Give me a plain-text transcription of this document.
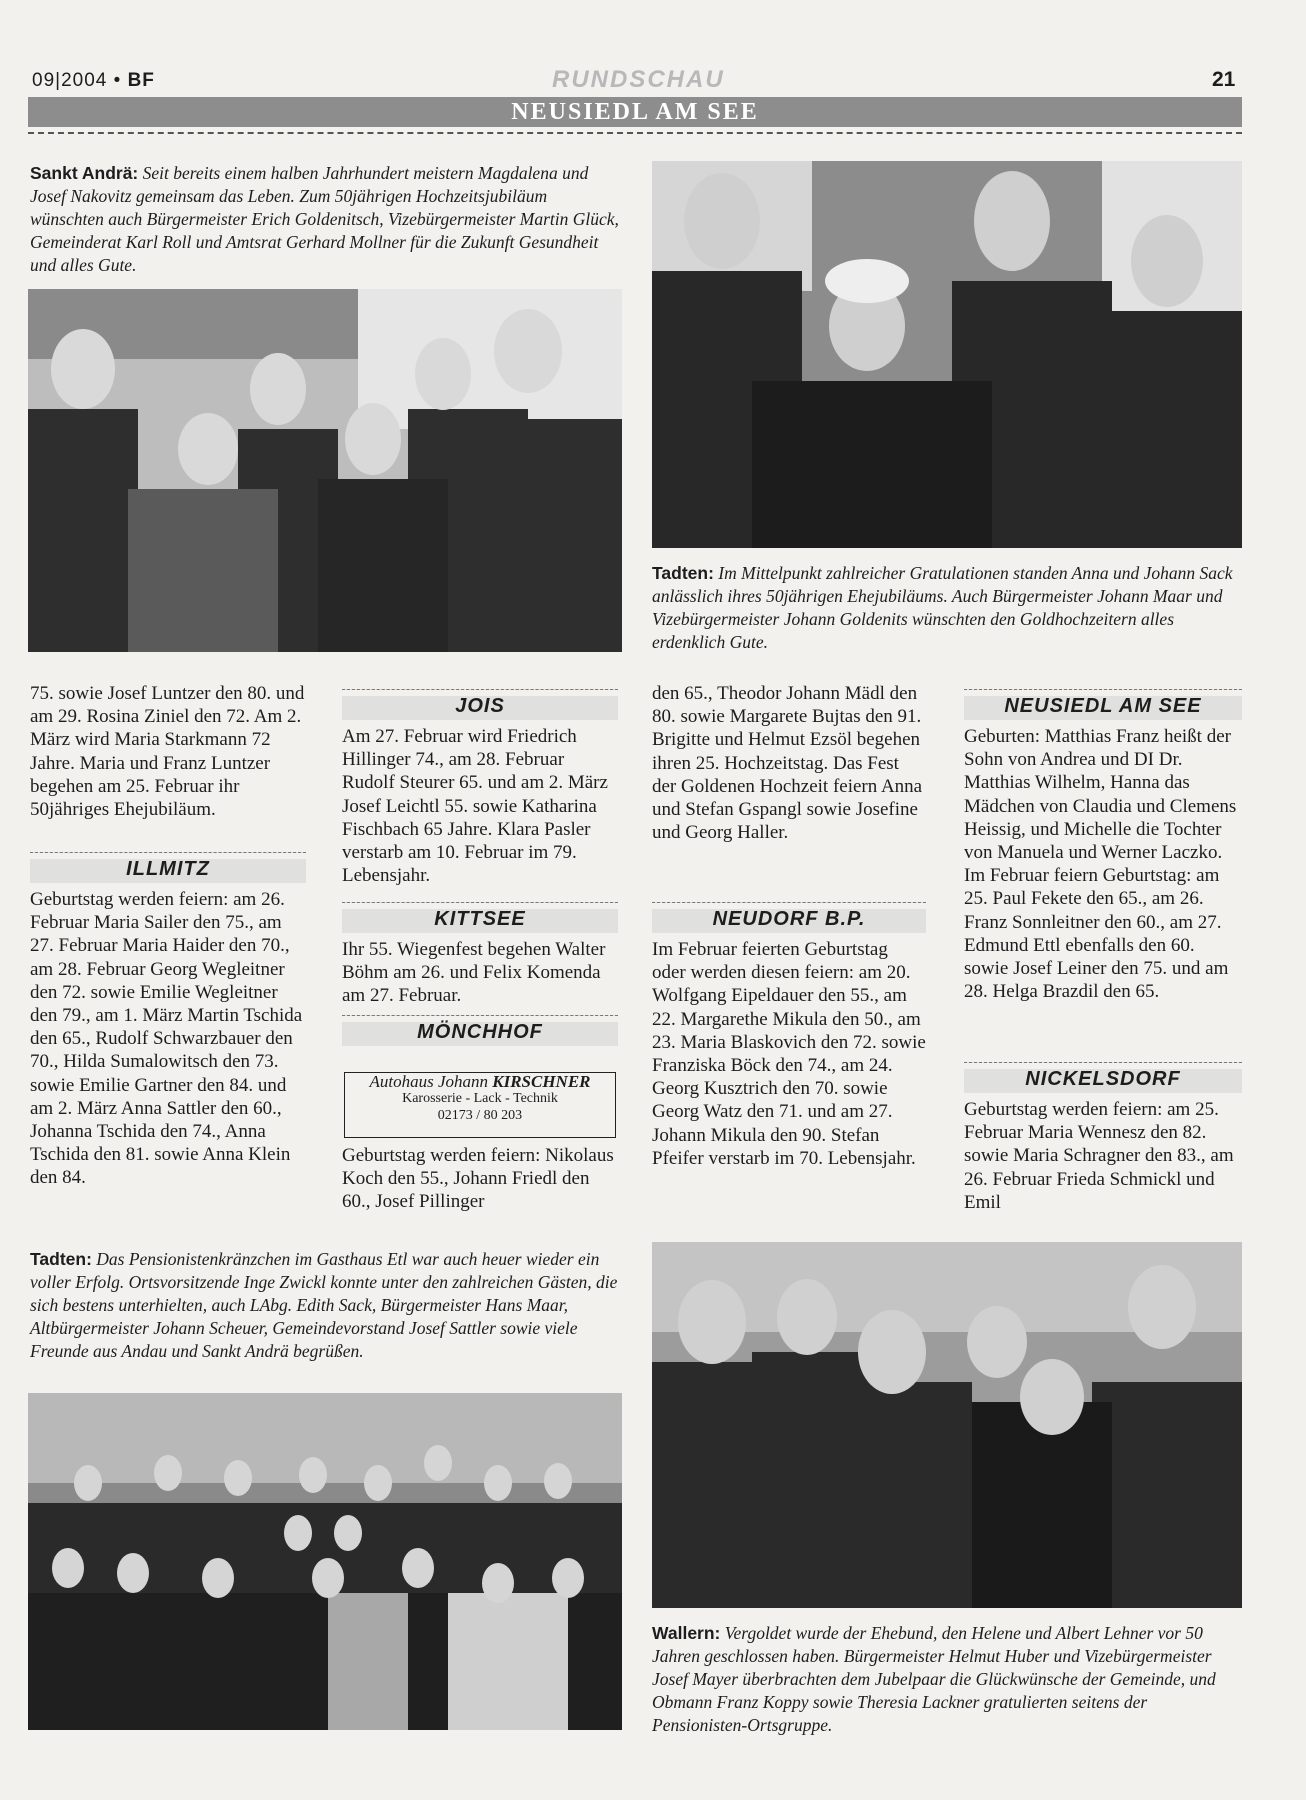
09|2004 • BF	RUNDSCHAU	21
NEUSIEDL AM SEE
Sankt Andrä: Seit bereits einem halben Jahrhundert meistern Magdalena und Josef Nakovitz gemeinsam das Leben. Zum 50jährigen Hochzeitsjubiläum wünschten auch Bürgermeister Erich Goldenitsch, Vizebürgermeister Martin Glück, Gemeinderat Karl Roll und Amtsrat Gerhard Mollner für die Zukunft Gesundheit und alles Gute.
Tadten: Im Mittelpunkt zahlreicher Gratulationen standen Anna und Johann Sack anlässlich ihres 50jährigen Ehejubiläums. Auch Bürgermeister Johann Maar und Vizebürgermeister Johann Goldenits wünschten den Goldhochzeitern alles erdenklich Gute.
75. sowie Josef Luntzer den 80. und am 29. Rosina Ziniel den 72. Am 2. März wird Maria Starkmann 72 Jahre. Maria und Franz Luntzer begehen am 25. Februar ihr 50jähriges Ehejubiläum.
ILLMITZ
Geburtstag werden feiern: am 26. Februar Maria Sailer den 75., am 27. Februar Maria Haider den 70., am 28. Februar Georg Wegleitner den 72. sowie Emilie Wegleitner den 79., am 1. März Martin Tschida den 65., Rudolf Schwarzbauer den 70., Hilda Sumalowitsch den 73. sowie Emilie Gartner den 84. und am 2. März Anna Sattler den 60., Johanna Tschida den 74., Anna Tschida den 81. sowie Anna Klein den 84.
JOIS
Am 27. Februar wird Friedrich Hillinger 74., am 28. Februar Rudolf Steurer 65. und am 2. März Josef Leichtl 55. sowie Katharina Fischbach 65 Jahre. Klara Pasler verstarb am 10. Februar im 79. Lebensjahr.
KITTSEE
Ihr 55. Wiegenfest begehen Walter Böhm am 26. und Felix Komenda am 27. Februar.
MÖNCHHOF
Autohaus Johann KIRSCHNER
Karosserie - Lack - Technik
02173 / 80 203
Geburtstag werden feiern: Nikolaus Koch den 55., Johann Friedl den 60., Josef Pillinger
den 65., Theodor Johann Mädl den 80. sowie Margarete Bujtas den 91. Brigitte und Helmut Ezsöl begehen ihren 25. Hochzeitstag. Das Fest der Goldenen Hochzeit feiern Anna und Stefan Gspangl sowie Josefine und Georg Haller.
NEUDORF B.P.
Im Februar feierten Geburtstag oder werden diesen feiern: am 20. Wolfgang Eipeldauer den 55., am 22. Margarethe Mikula den 50., am 23. Maria Blaskovich den 72. sowie Franziska Böck den 74., am 24. Georg Kusztrich den 70. sowie Georg Watz den 71. und am 27. Johann Mikula den 90. Stefan Pfeifer verstarb im 70. Lebensjahr.
NEUSIEDL AM SEE
Geburten: Matthias Franz heißt der Sohn von Andrea und DI Dr. Matthias Wilhelm, Hanna das Mädchen von Claudia und Clemens Heissig, und Michelle die Tochter von Manuela und Werner Laczko. Im Februar feiern Geburtstag: am 25. Paul Fekete den 65., am 26. Franz Sonnleitner den 60., am 27. Edmund Ettl ebenfalls den 60. sowie Josef Leiner den 75. und am 28. Helga Brazdil den 65.
NICKELSDORF
Geburtstag werden feiern: am 25. Februar Maria Wennesz den 82. sowie Maria Schragner den 83., am 26. Februar Frieda Schmickl und Emil
Tadten: Das Pensionistenkränzchen im Gasthaus Etl war auch heuer wieder ein voller Erfolg. Ortsvorsitzende Inge Zwickl konnte unter den zahlreichen Gästen, die sich bestens unterhielten, auch LAbg. Edith Sack, Bürgermeister Hans Maar, Altbürgermeister Johann Scheuer, Gemeindevorstand Josef Sattler sowie viele Freunde aus Andau und Sankt Andrä begrüßen.
Wallern: Vergoldet wurde der Ehebund, den Helene und Albert Lehner vor 50 Jahren geschlossen haben. Bürgermeister Helmut Huber und Vizebürgermeister Josef Mayer überbrachten dem Jubelpaar die Glückwünsche der Gemeinde, und Obmann Franz Koppy sowie Theresia Lackner gratulierten seitens der Pensionisten-Ortsgruppe.
